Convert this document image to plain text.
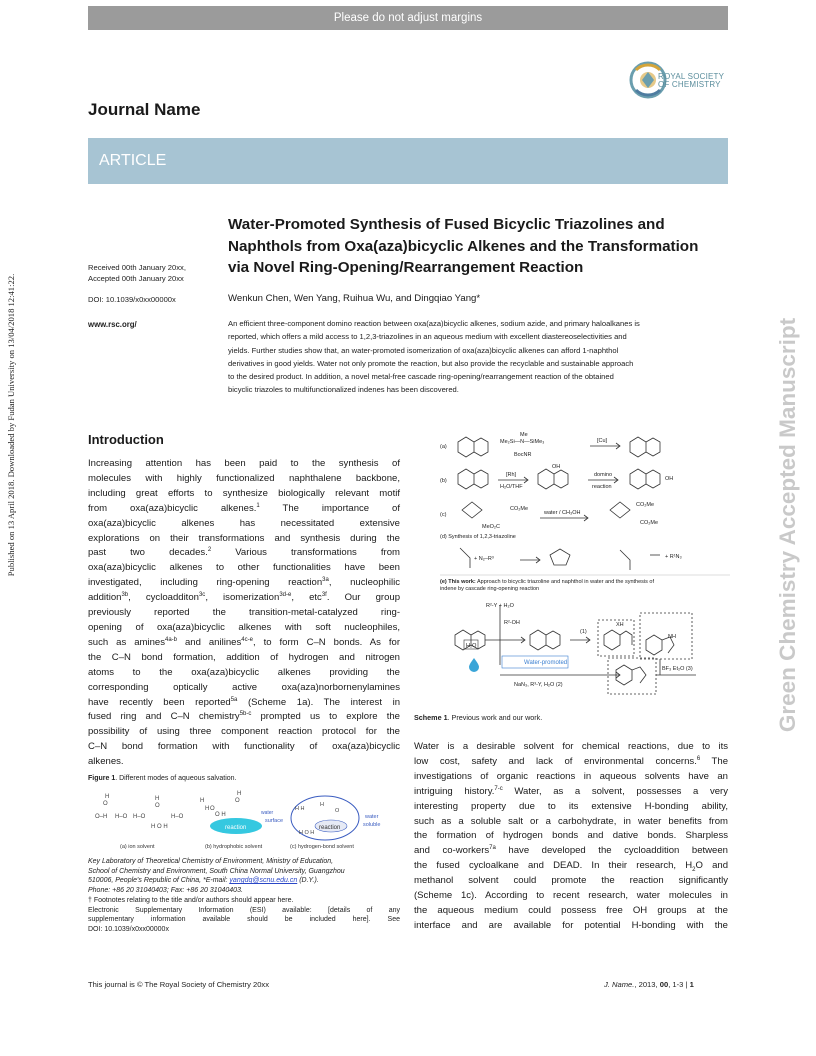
Please do not adjust margins
Published on 13 April 2018. Downloaded by Fudan University on 13/04/2018 12:41:22.	Green Chemistry Accepted Manuscript
ROYAL SOCIETY
OF CHEMISTRY
Journal Name
ARTICLE
Water-Promoted Synthesis of Fused Bicyclic Triazolines and
Naphthols from Oxa(aza)bicyclic Alkenes and the Transformation
via Novel Ring-Opening/Rearrangement Reaction
Received 00th January 20xx,
Accepted 00th January 20xx
DOI: 10.1039/x0xx00000x
www.rsc.org/
Wenkun Chen, Wen Yang, Ruihua Wu, and Dingqiao Yang*
An efficient three-component domino reaction between oxa(aza)bicyclic alkenes, sodium azide, and primary haloalkanes is
reported, which offers a mild access to 1,2,3-triazolines in an aqueous medium with excellent diastereoselectivities and
yields. Further studies show that, an water-promoted isomerization of oxa(aza)bicyclic alkenes can afford 1-naphthol
derivatives in good yields. Water not only promote the reaction, but also provide the recyclable and sustainable approach
to the desired product. In addition, a novel metal-free cascade ring-opening/rearrangement reaction of the obtained
bicyclic triazoles to multifunctionalized indenes has been discovered.
Introduction
Increasing attention has been paid to the synthesis of
molecules with highly functionalized naphthalene backbone,
including great efforts to synthesize biologically relevant motif
from oxa(aza)bicyclic alkenes.$^1$ The importance of
oxa(aza)bicyclic alkenes has necessitated extensive
explorations on their transformations and synthesis during the
past two decades.$^2$ Various transformations from
oxa(aza)bicyclic alkenes to other functionalities have been
investigated, including ring-opening reaction$^{3a}$, nucleophilic
addition$^{3b}$, cycloadditon$^{3c}$, isomerization$^{3d-e}$, etc$^{3f}$. Our group
previously reported the transition-metal-catalyzed ring-
opening of oxa(aza)bicyclic alkenes with soft nucleophiles,
such as amines$^{4a-b}$ and anilines$^{4c-e}$, to form C–N bonds. As for
the C–N bond formation, addition of hydrogen and nitrogen
atoms to the oxa(aza)bicyclic alkenes providing the
corresponding optically active oxa(aza)norbornenylamines
have recently been reported$^{5a}$ (Scheme 1a). The interest in
fused ring and C–N chemistry$^{5b-c}$ prompted us to explore the
possibility of using three component reaction protocol for the
C–N bond formation with functionality of oxa(aza)bicyclic

alkenes.

Figure 1. Different modes of aqueous salvation.
H
O
O–H H–O H–O
H
O
H O H
H–O
H
O
H
O H
O
H
reaction
surface
water
reaction
H H
H
O
H O H
water
soluble
(a) ion solvent	(b) hydrophobic solvent	(c) hydrogen-bond solvent
Key Laboratory of Theoretical Chemistry of Environment, Ministry of Education,
School of Chemistry and Environment, South China Normal University, Guangzhou
510006, People's Republic of China, *E-mail: yangdq@scnu.edu.cn (D.Y.).
Phone: +86 20 31040403; Fax: +86 20 31040403.
† Footnotes relating to the title and/or authors should appear here.
Electronic Supplementary Information (ESI) available: [details of any
supplementary information available should be included here]. See
DOI: 10.1039/x0xx00000x
(a)
Me
Me₂Si—N—SiMe₃
BocNR
[Cu]
(b)
[Rh]
H₂O/THF
domino
reaction
OH
OH
(c)
CO₂Me
MeO₂C
water / CH₃OH
CO₂Me
CO₂Me
(d) Synthesis of 1,2,3-triazoline
+ N₂–R³	+ R¹N₃
(e) This work: Approach to bicyclic triazoline and naphthol in water and the synthesis of
indene by cascade ring-opening reaction
R²-Y + H₂O
R²-OH
(1)
XH
NH
Water-promoted
NaN₃, R³-Y, H₂O (2)
BF₃ Et₂O (3)
H₂O
Scheme 1. Previous work and our work.
Water is a desirable solvent for chemical reactions, due to its
low cost, safety and lack of environmental concerns.$^6$ The
investigations of organic reactions in aqueous solvents have an
intriguing history.$^{7-c}$ Water, as a solvent, possesses a very
interesting property due to its extensive H-bonding ability,
such as a soluble salt or a carbohydrate, in water benefits from
the formation of hydrogen bonds and dative bonds. Sharpless
and co-workers$^{7a}$ have developed the cycloaddition between
the fused cycloalkane and DEAD. In their research, $H_2O$ and
methanol solvent could promote the reaction significantly
(Scheme 1c). According to recent research, water molecules in
the aqueous medium could possess free OH groups at the
interface and are available for potential H-bonding with the
This journal is © The Royal Society of Chemistry 20xx	J. Name., 2013, 00, 1-3 | 1
